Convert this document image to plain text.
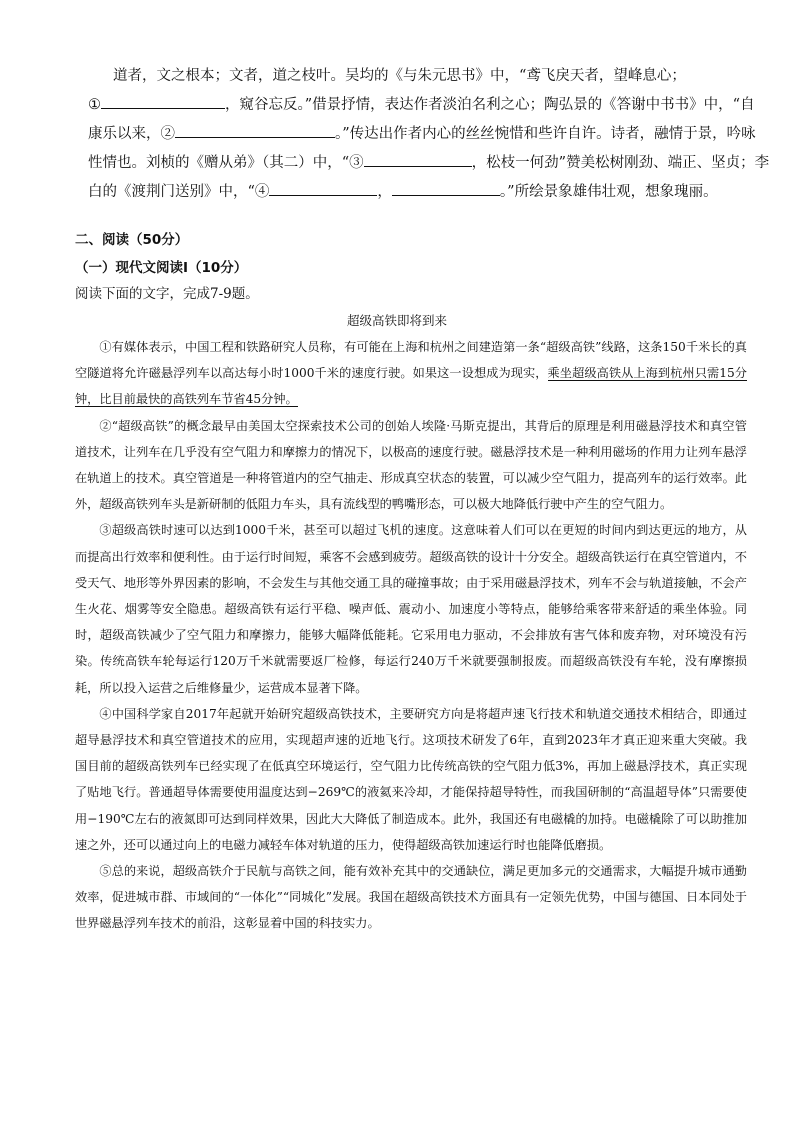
道者，文之根本；文者，道之枝叶。吴均的《与朱元思书》中，“鸢飞戾天者，望峰息心；
①	，窥谷忘反。”借景抒情，表达作者淡泊名利之心；陶弘景的《答谢中书书》中，“自
康乐以来，②	。”传达出作者内心的丝丝惋惜和些许自许。诗者，融情于景，吟咏
性情也。刘桢的《赠从弟》（其二）中，“③	，松枝一何劲”赞美松树刚劲、端正、坚贞；李
白的《渡荆门送别》中，“④	，	。”所绘景象雄伟壮观，想象瑰丽。
二、阅读（50分）
（一）现代文阅读Ⅰ（10分）
阅读下面的文字，完成7-9题。
超级高铁即将到来

①有媒体表示，中国工程和铁路研究人员称，有可能在上海和杭州之间建造第一条“超级高铁”线路，这条150千米长的真空隧道将允许磁悬浮列车以高达每小时1000千米的速度行驶。如果这一设想成为现实，乘坐超级高铁从上海到杭州只需15分钟，比目前最快的高铁列车节省45分钟。

②“超级高铁”的概念最早由美国太空探索技术公司的创始人埃隆·马斯克提出，其背后的原理是利用磁悬浮技术和真空管道技术，让列车在几乎没有空气阻力和摩擦力的情况下，以极高的速度行驶。磁悬浮技术是一种利用磁场的作用力让列车悬浮在轨道上的技术。真空管道是一种将管道内的空气抽走、形成真空状态的装置，可以减少空气阻力，提高列车的运行效率。此外，超级高铁列车头是新研制的低阻力车头，具有流线型的鸭嘴形态，可以极大地降低行驶中产生的空气阻力。

③超级高铁时速可以达到1000千米，甚至可以超过飞机的速度。这意味着人们可以在更短的时间内到达更远的地方，从而提高出行效率和便利性。由于运行时间短，乘客不会感到疲劳。超级高铁的设计十分安全。超级高铁运行在真空管道内，不受天气、地形等外界因素的影响，不会发生与其他交通工具的碰撞事故；由于采用磁悬浮技术，列车不会与轨道接触，不会产生火花、烟雾等安全隐患。超级高铁有运行平稳、噪声低、震动小、加速度小等特点，能够给乘客带来舒适的乘坐体验。同时，超级高铁减少了空气阻力和摩擦力，能够大幅降低能耗。它采用电力驱动，不会排放有害气体和废弃物，对环境没有污染。传统高铁车轮每运行120万千米就需要返厂检修，每运行240万千米就要强制报废。而超级高铁没有车轮，没有摩擦损耗，所以投入运营之后维修量少，运营成本显著下降。

④中国科学家自2017年起就开始研究超级高铁技术，主要研究方向是将超声速飞行技术和轨道交通技术相结合，即通过超导悬浮技术和真空管道技术的应用，实现超声速的近地飞行。这项技术研发了6年，直到2023年才真正迎来重大突破。我国目前的超级高铁列车已经实现了在低真空环境运行，空气阻力比传统高铁的空气阻力低3%，再加上磁悬浮技术，真正实现了贴地飞行。普通超导体需要使用温度达到−269℃的液氦来冷却，才能保持超导特性，而我国研制的“高温超导体”只需要使用−190℃左右的液氮即可达到同样效果，因此大大降低了制造成本。此外，我国还有电磁橇的加持。电磁橇除了可以助推加速之外，还可以通过向上的电磁力减轻车体对轨道的压力，使得超级高铁加速运行时也能降低磨损。

⑤总的来说，超级高铁介于民航与高铁之间，能有效补充其中的交通缺位，满足更加多元的交通需求，大幅提升城市通勤效率，促进城市群、市域间的“一体化”“同城化”发展。我国在超级高铁技术方面具有一定领先优势，中国与德国、日本同处于世界磁悬浮列车技术的前沿，这彰显着中国的科技实力。
